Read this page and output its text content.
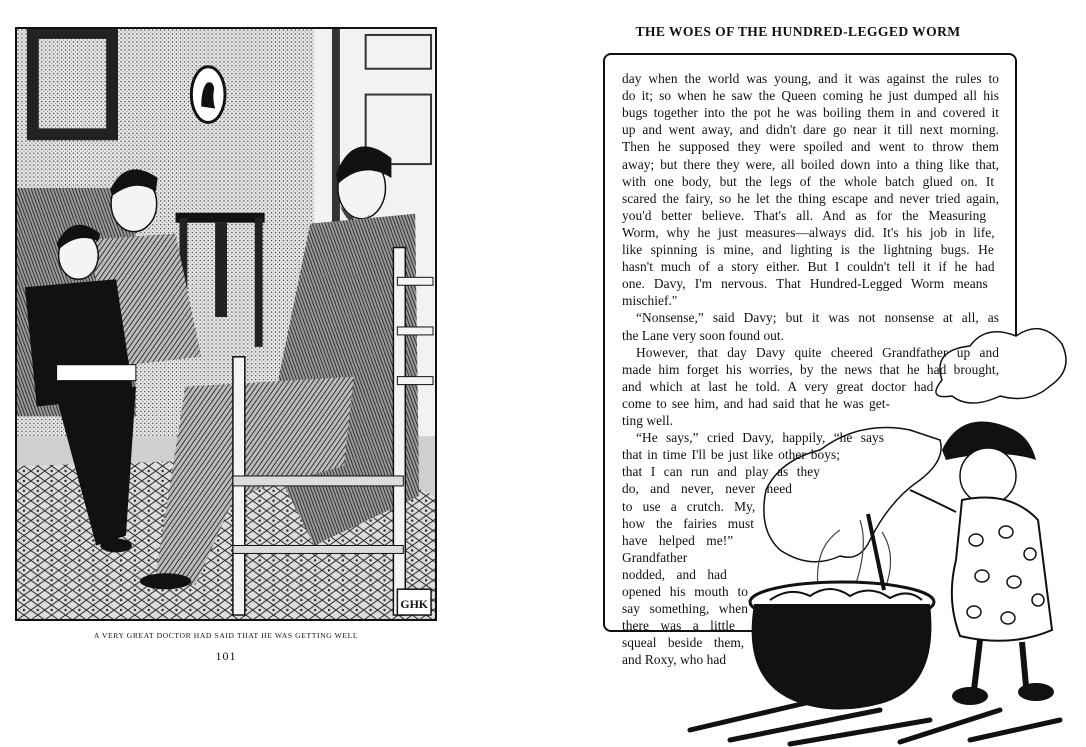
GHK
A VERY GREAT DOCTOR HAD SAID THAT HE WAS GETTING WELL
101
THE WOES OF THE HUNDRED-LEGGED WORM
day when the world was young, and it was against the rules to
do it; so when he saw the Queen coming he just dumped all his
bugs together into the pot he was boiling them in and covered it
up and went away, and didn't dare go near it till next morning.
Then he supposed they were spoiled and went to throw them
away; but there they were, all boiled down into a thing like that,
with one body, but the legs of the whole batch glued on. It
scared the fairy, so he let the thing escape and never tried again,
you'd better believe. That's all. And as for the Measuring
Worm, why he just measures—always did. It's his job in life,
like spinning is mine, and lighting is the lightning bugs. He
hasn't much of a story either. But I couldn't tell it if he had
one. Davy, I'm nervous. That Hundred-Legged Worm means
mischief."
“Nonsense,” said Davy; but it was not nonsense at all, as
the Lane very soon found out.
However, that day Davy quite cheered Grandfather up and
made him forget his worries, by the news that he had brought,
and which at last he told. A very great doctor had
come to see him, and had said that he was get-
ting well.
“He says,” cried Davy, happily, “he says
that in time I'll be just like other boys;
that I can run and play as they
do, and never, never need
to use a crutch. My,
how the fairies must
have helped me!”
Grandfather
nodded, and had
opened his mouth to
say something, when
there was a little
squeal beside them,
and Roxy, who had
